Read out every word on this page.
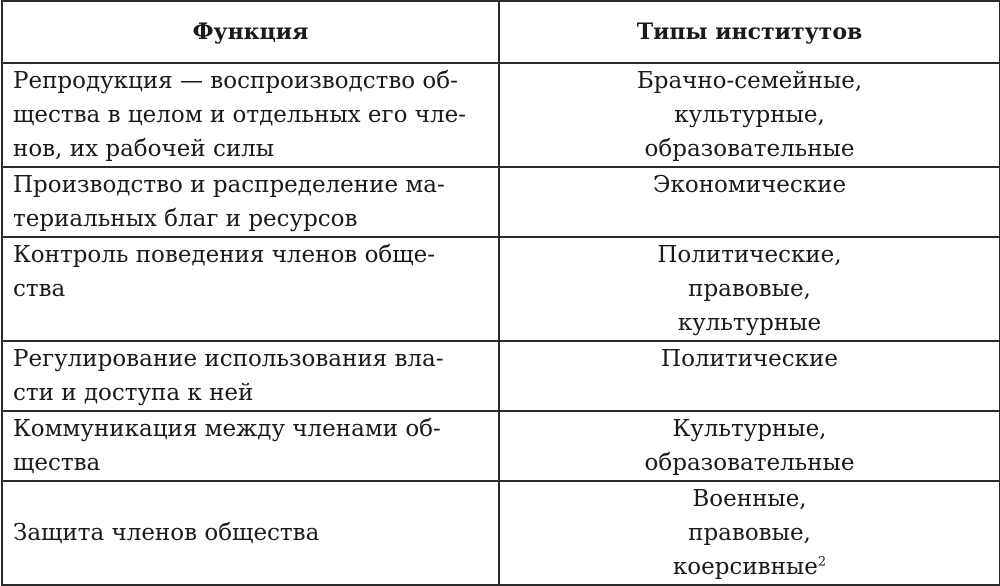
Функция	Типы институтов

Репродукция — воспроизводство об-
щества в целом и отдельных его чле-
нов, их рабочей силы	Брачно-семейные,
культурные,
образовательные

Производство и распределение ма-
териальных благ и ресурсов	Экономические

Контроль поведения членов обще-
ства	Политические,
правовые,
культурные

Регулирование использования вла-
сти и доступа к ней	Политические

Коммуникация между членами об-
щества	Культурные,
образовательные

Защита членов общества	Военные,
правовые,
коерсивные$^2$
